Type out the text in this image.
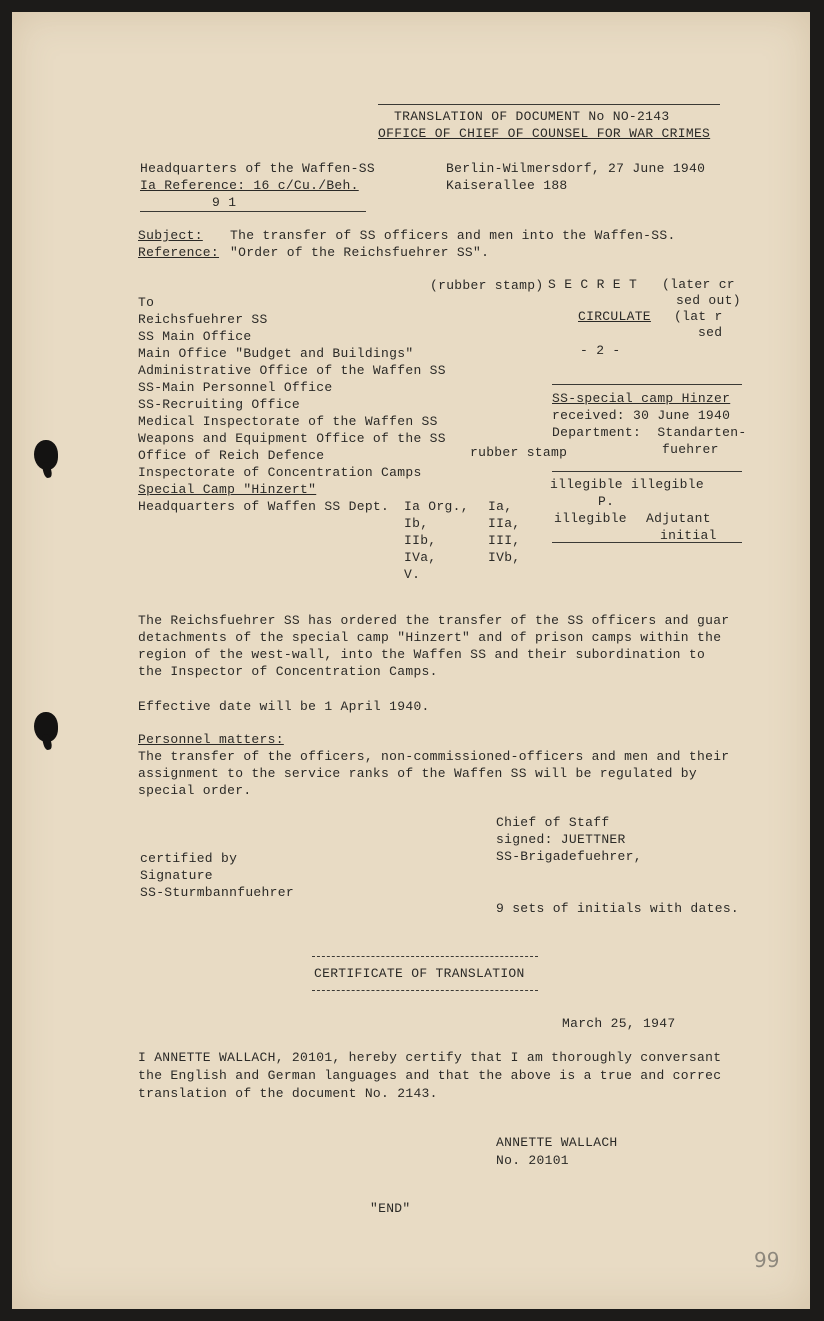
TRANSLATION OF DOCUMENT No NO-2143
OFFICE OF CHIEF OF COUNSEL FOR WAR CRIMES
Headquarters of the Waffen-SS
Ia Reference: 16 c/Cu./Beh.
9 1
Berlin-Wilmersdorf, 27 June 1940
Kaiserallee 188
Subject: The transfer of SS officers and men into the Waffen-SS.
Reference: "Order of the Reichsfuehrer SS".
(rubber stamp) S E C R E T (later cr
sed out)
CIRCULATE (lat r
sed
- 2 -
SS-special camp Hinzer
received: 30 June 1940
Department:  Standarten-
rubber stamp	fuehrer
illegible illegible
P.
illegible Adjutant
initial
To
Reichsfuehrer SS
SS Main Office
Main Office "Budget and Buildings"
Administrative Office of the Waffen SS
SS-Main Personnel Office
SS-Recruiting Office
Medical Inspectorate of the Waffen SS
Weapons and Equipment Office of the SS
Office of Reich Defence
Inspectorate of Concentration Camps
Special Camp "Hinzert"
Headquarters of Waffen SS Dept. Ia Org.,
Ib,
IIb,
IVa,
V.
Ia,
IIa,
III,
IVb,
The Reichsfuehrer SS has ordered the transfer of the SS officers and guar
detachments of the special camp "Hinzert" and of prison camps within the
region of the west-wall, into the Waffen SS and their subordination to
the Inspector of Concentration Camps.
Effective date will be 1 April 1940.
Personnel matters:
The transfer of the officers, non-commissioned-officers and men and their
assignment to the service ranks of the Waffen SS will be regulated by
special order.
Chief of Staff
signed: JUETTNER
SS-Brigadefuehrer,
certified by
Signature
SS-Sturmbannfuehrer
9 sets of initials with dates.
CERTIFICATE OF TRANSLATION
March 25, 1947
I ANNETTE WALLACH, 20101, hereby certify that I am thoroughly conversant
the English and German languages and that the above is a true and correc
translation of the document No. 2143.
ANNETTE WALLACH
No. 20101
"END"
99
